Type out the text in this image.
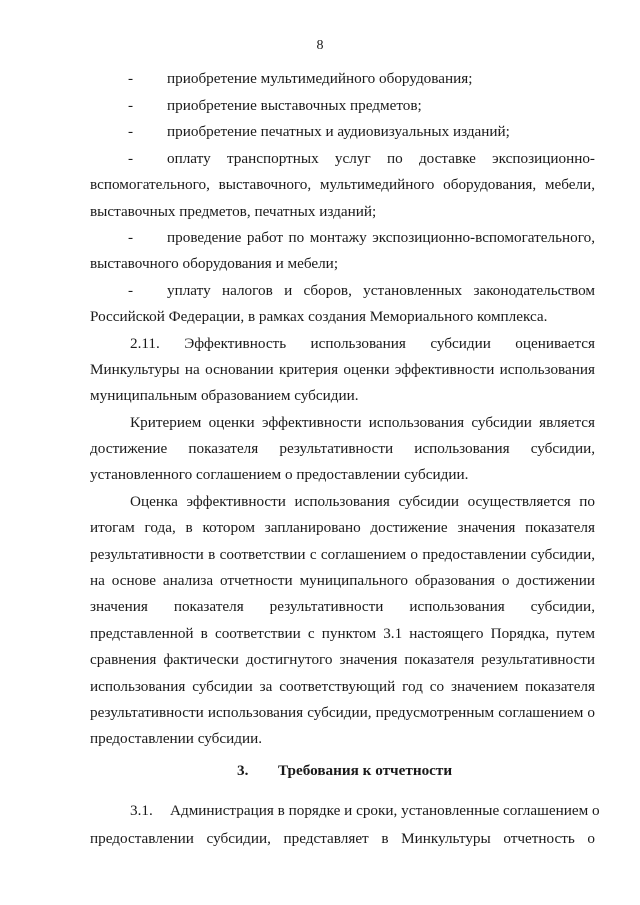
8
- приобретение мультимедийного оборудования;
- приобретение выставочных предметов;
- приобретение печатных и аудиовизуальных изданий;
- оплату транспортных услуг по доставке экспозиционно-
вспомогательного, выставочного, мультимедийного оборудования, мебели,
выставочных предметов, печатных изданий;
- проведение работ по монтажу экспозиционно-вспомогательного,
выставочного оборудования и мебели;
- уплату налогов и сборов, установленных законодательством
Российской Федерации, в рамках создания Мемориального комплекса.
2.11. Эффективность использования субсидии оценивается
Минкультуры на основании критерия оценки эффективности использования
муниципальным образованием субсидии.
Критерием оценки эффективности использования субсидии является
достижение показателя результативности использования субсидии,
установленного соглашением о предоставлении субсидии.
Оценка эффективности использования субсидии осуществляется по
итогам года, в котором запланировано достижение значения показателя
результативности в соответствии с соглашением о предоставлении субсидии,
на основе анализа отчетности муниципального образования о достижении
значения показателя результативности использования субсидии,
представленной в соответствии с пунктом 3.1 настоящего Порядка, путем
сравнения фактически достигнутого значения показателя результативности
использования субсидии за соответствующий год со значением показателя
результативности использования субсидии, предусмотренным соглашением о
предоставлении субсидии.
3. Требования к отчетности
3.1. Администрация в порядке и сроки, установленные соглашением о
предоставлении субсидии, представляет в Минкультуры отчетность о
